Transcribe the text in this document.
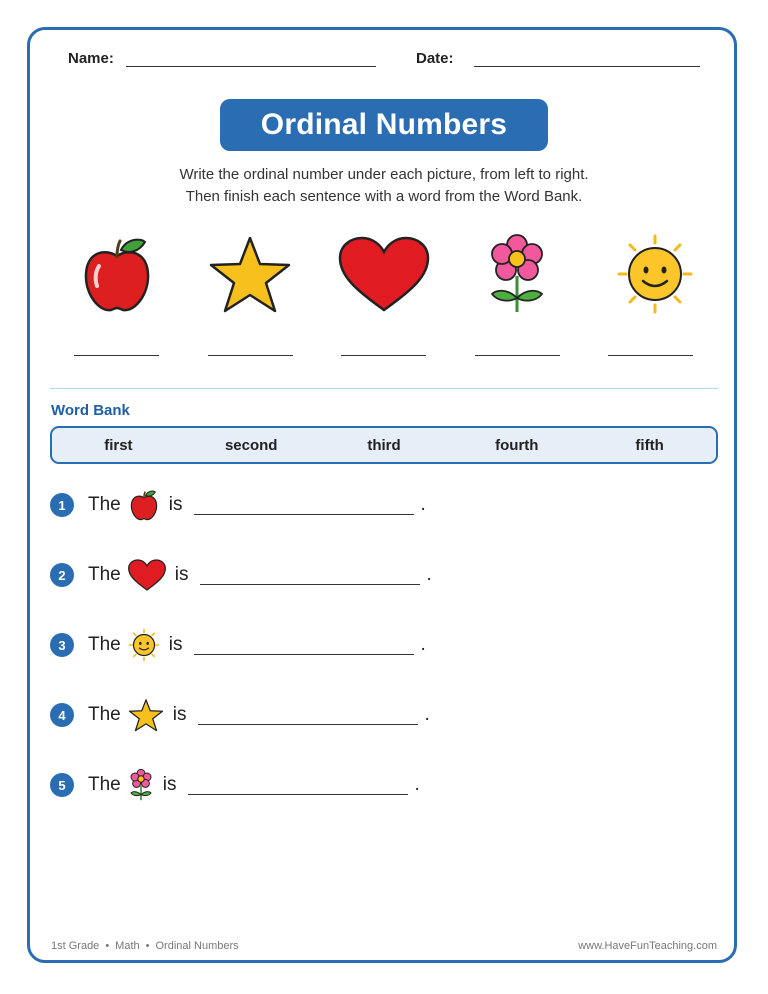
Name:	Date:
Ordinal Numbers
Write the ordinal number under each picture, from left to right.
Then finish each sentence with a word from the Word Bank.
Word Bank
first	second	third	fourth	fifth
1	The	is	.
2	The	is	.
3	The	is	.
4	The	is	.
5	The is	.
1st Grade • Math • Ordinal Numbers	www.HaveFunTeaching.com
